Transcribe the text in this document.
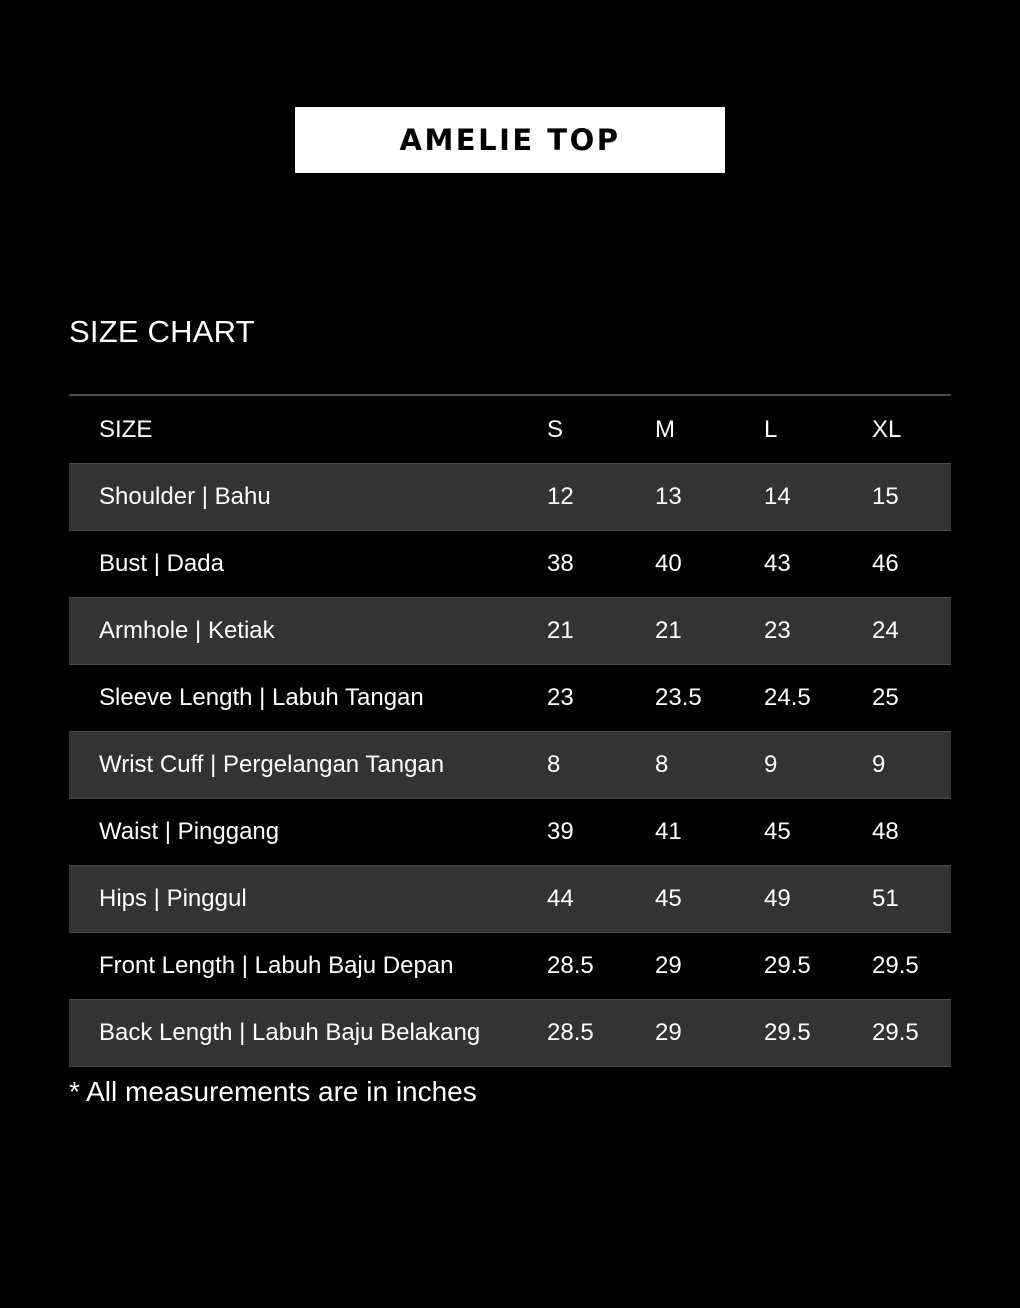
AMELIE TOP
SIZE CHART
SIZE	S	M	L	XL
Shoulder | Bahu	12	13	14	15
Bust | Dada	38	40	43	46
Armhole | Ketiak	21	21	23	24
Sleeve Length | Labuh Tangan	23	23.5	24.5	25
Wrist Cuff | Pergelangan Tangan	8	8	9	9
Waist | Pinggang	39	41	45	48
Hips | Pinggul	44	45	49	51
Front Length | Labuh Baju Depan	28.5	29	29.5	29.5
Back Length | Labuh Baju Belakang	28.5	29	29.5	29.5
* All measurements are in inches
